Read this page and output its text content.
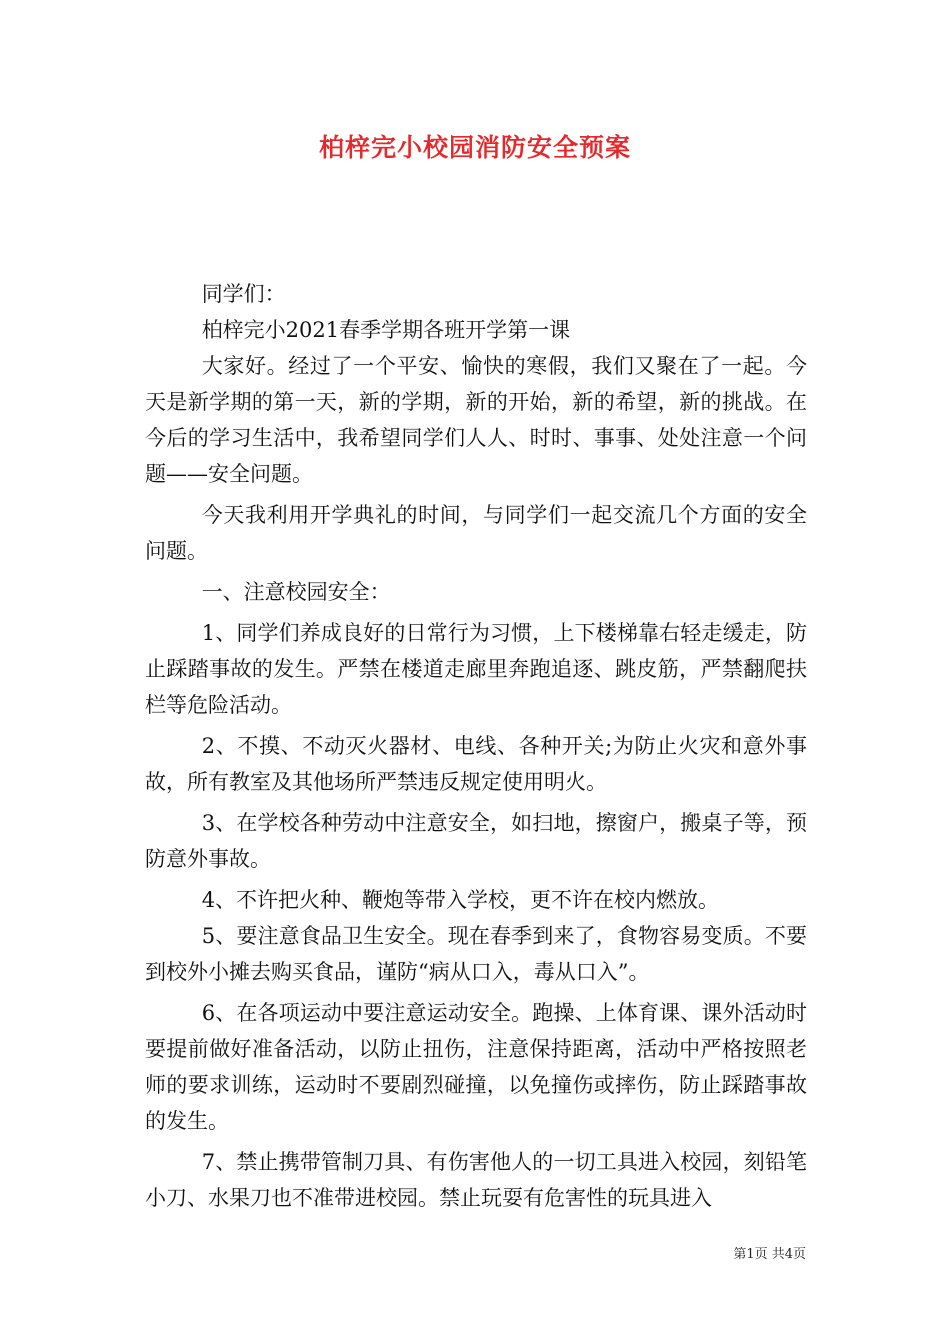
柏梓完小校园消防安全预案

同学们：

柏梓完小2021春季学期各班开学第一课

大家好。经过了一个平安、愉快的寒假，我们又聚在了一起。今天是新学期的第一天，新的学期，新的开始，新的希望，新的挑战。在今后的学习生活中，我希望同学们人人、时时、事事、处处注意一个问题——安全问题。

今天我利用开学典礼的时间，与同学们一起交流几个方面的安全问题。

一、注意校园安全：

1、同学们养成良好的日常行为习惯，上下楼梯靠右轻走缓走，防止踩踏事故的发生。严禁在楼道走廊里奔跑追逐、跳皮筋，严禁翻爬扶栏等危险活动。

2、不摸、不动灭火器材、电线、各种开关;为防止火灾和意外事故，所有教室及其他场所严禁违反规定使用明火。

3、在学校各种劳动中注意安全，如扫地，擦窗户，搬桌子等，预防意外事故。

4、不许把火种、鞭炮等带入学校，更不许在校内燃放。

5、要注意食品卫生安全。现在春季到来了，食物容易变质。不要到校外小摊去购买食品，谨防“病从口入，毒从口入”。

6、在各项运动中要注意运动安全。跑操、上体育课、课外活动时要提前做好准备活动，以防止扭伤，注意保持距离，活动中严格按照老师的要求训练，运动时不要剧烈碰撞，以免撞伤或摔伤，防止踩踏事故的发生。

7、禁止携带管制刀具、有伤害他人的一切工具进入校园，刻铅笔小刀、水果刀也不准带进校园。禁止玩耍有危害性的玩具进入

第1页 共4页
